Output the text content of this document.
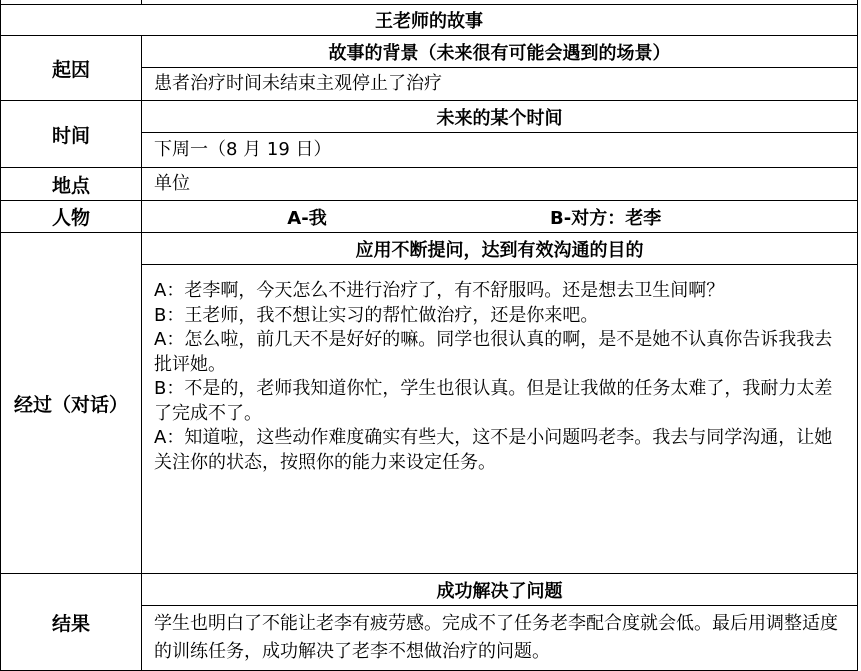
王老师的故事	
起因	故事的背景（未来很有可能会遇到的场景）
	患者治疗时间未结束主观停止了治疗
时间	未来的某个时间
	下周一（8 月 19 日）
地点	单位
人物	A-我 B-对方：老李

经过（对话）	应用不断提问，达到有效沟通的目的

	A：老李啊，今天怎么不进行治疗了，有不舒服吗。还是想去卫生间啊？
B：王老师，我不想让实习的帮忙做治疗，还是你来吧。
A：怎么啦，前几天不是好好的嘛。同学也很认真的啊，是不是她不认真你告诉我我去批评她。
B：不是的，老师我知道你忙，学生也很认真。但是让我做的任务太难了，我耐力太差了完成不了。
A：知道啦，这些动作难度确实有些大，这不是小问题吗老李。我去与同学沟通，让她关注你的状态，按照你的能力来设定任务。

结果	成功解决了问题
	学生也明白了不能让老李有疲劳感。完成不了任务老李配合度就会低。最后用调整适度的训练任务，成功解决了老李不想做治疗的问题。
